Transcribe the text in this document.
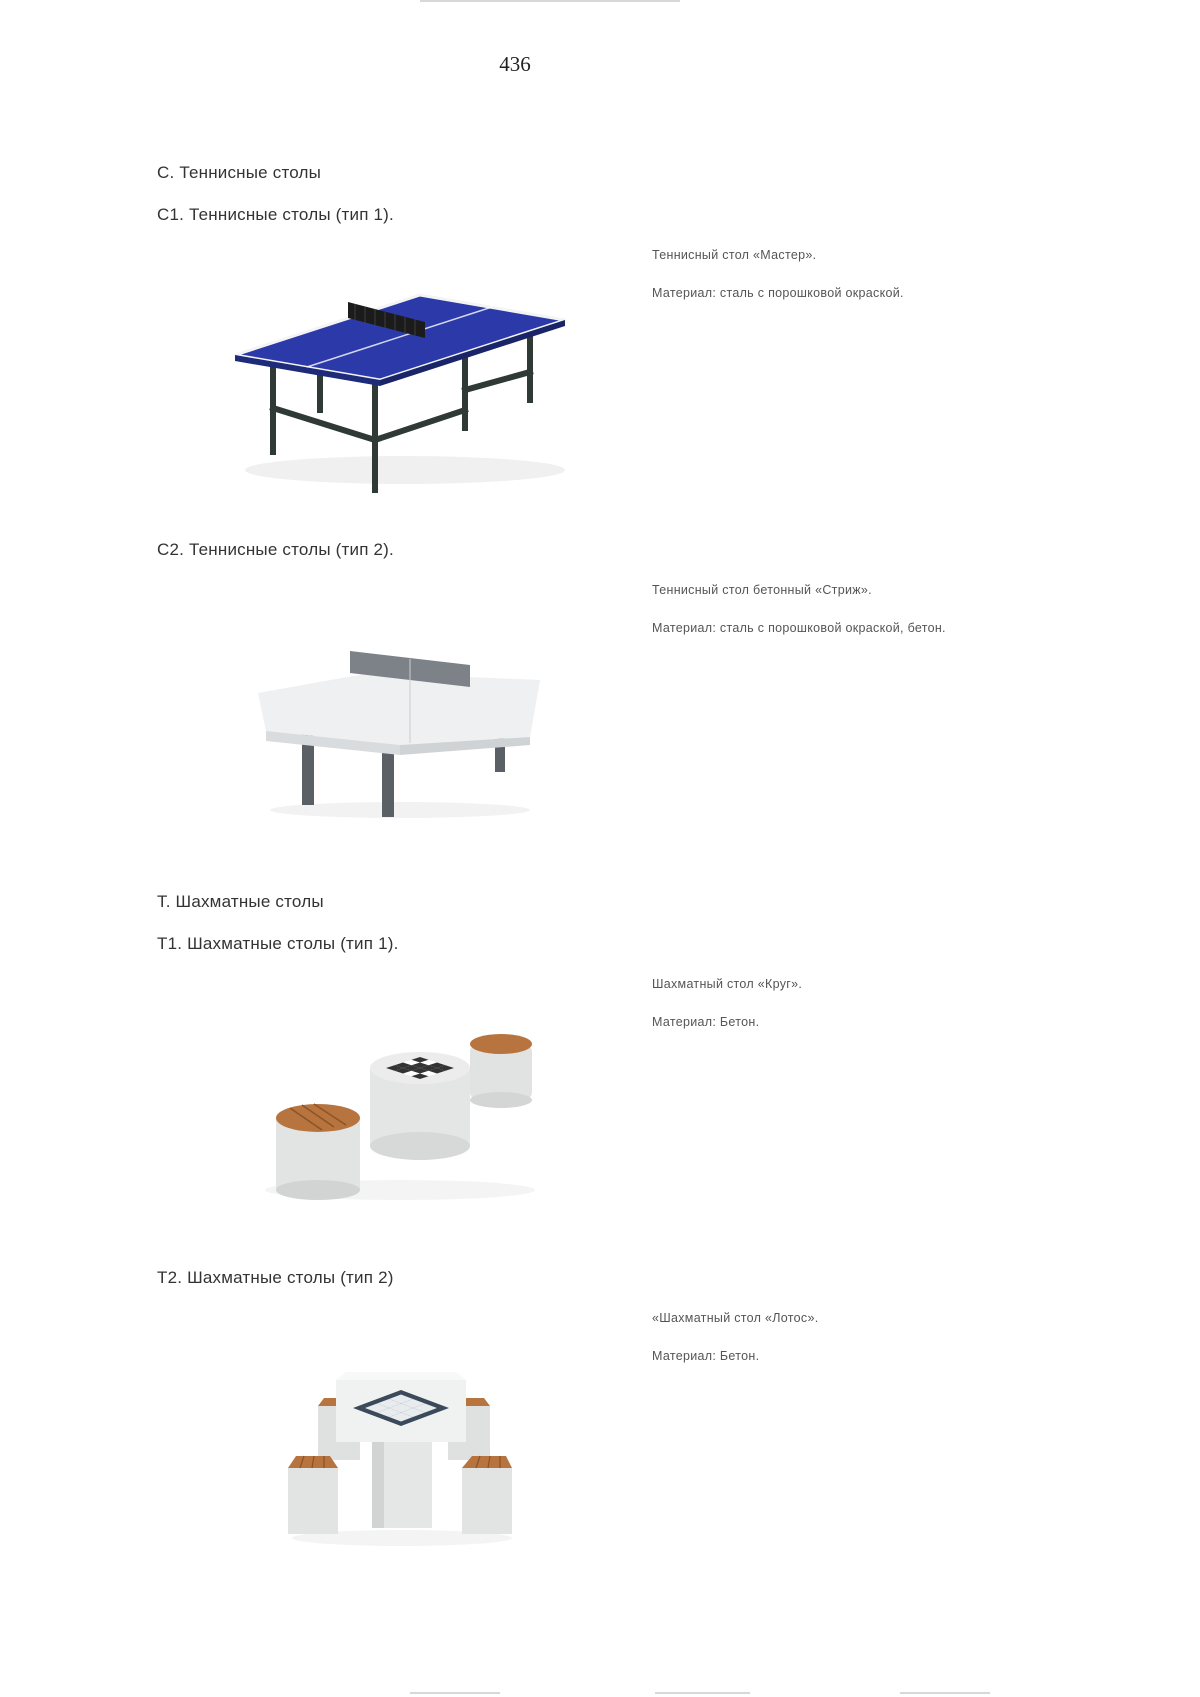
436
С. Теннисные столы
С1. Теннисные столы (тип 1).
Теннисный стол «Мастер».
Материал: сталь с порошковой окраской.
С2. Теннисные столы (тип 2).
Теннисный стол бетонный «Стриж».
Материал: сталь с порошковой окраской, бетон.
Т. Шахматные столы
Т1. Шахматные столы (тип 1).
Шахматный стол «Круг».
Материал: Бетон.
Т2. Шахматные столы (тип 2)
«Шахматный стол «Лотос».
Материал: Бетон.
